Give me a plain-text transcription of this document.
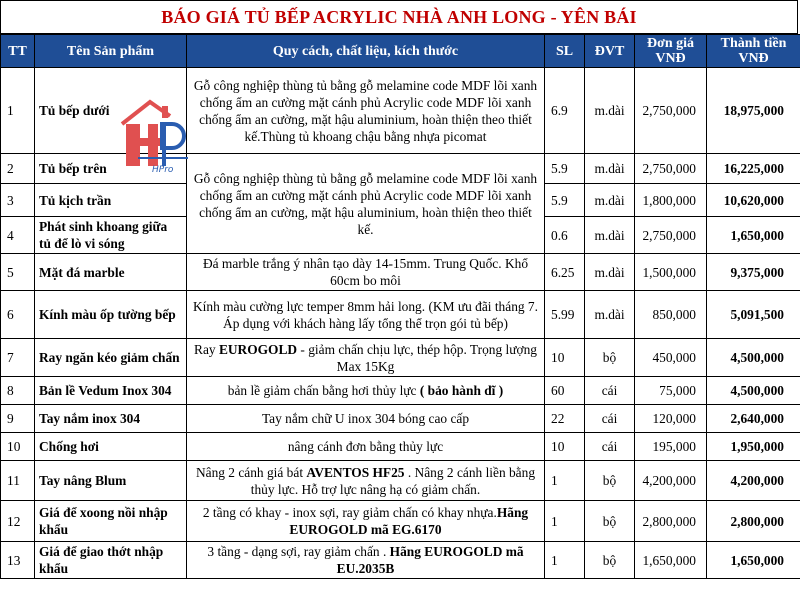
BÁO GIÁ TỦ BẾP ACRYLIC NHÀ ANH LONG - YÊN BÁI
TT	Tên Sản phẩm	Quy cách, chất liệu, kích thước	SL	ĐVT	Đơn giá VNĐ	Thành tiền VNĐ
1	Tủ bếp dưới	Gỗ công nghiệp thùng tủ bằng gỗ melamine code MDF lõi xanh chống ẩm an cường mặt cánh phủ Acrylic code MDF lõi xanh chống ẩm an cường, mặt hậu aluminium, hoàn thiện theo thiết kế.Thùng tủ khoang chậu bằng nhựa picomat	6.9	m.dài	2,750,000	18,975,000
2	Tủ bếp trên	Gỗ công nghiệp thùng tủ bằng gỗ melamine code MDF lõi xanh chống ẩm an cường mặt cánh phủ Acrylic code MDF lõi xanh chống ẩm an cường, mặt hậu aluminium, hoàn thiện theo thiết kế.	5.9	m.dài	2,750,000	16,225,000
3	Tủ kịch trần		5.9	m.dài	1,800,000	10,620,000
4	Phát sinh khoang giữa tủ để lò vi sóng		0.6	m.dài	2,750,000	1,650,000
5	Mặt đá marble	Đá marble trắng ý nhân tạo dày 14-15mm. Trung Quốc. Khổ 60cm bo môi	6.25	m.dài	1,500,000	9,375,000
6	Kính màu ốp tường bếp	Kính màu cường lực temper 8mm hải long. (KM ưu đãi tháng 7. Áp dụng với khách hàng lấy tổng thể trọn gói tủ bếp)	5.99	m.dài	850,000	5,091,500
7	Ray ngăn kéo giảm chấn	Ray EUROGOLD - giảm chấn chịu lực, thép hộp. Trọng lượng Max 15Kg	10	bộ	450,000	4,500,000
8	Bản lề Vedum Inox 304	bản lề giảm chấn bằng hơi thủy lực ( bảo hành dĩ )	60	cái	75,000	4,500,000
9	Tay nắm inox 304	Tay nắm chữ U inox 304 bóng cao cấp	22	cái	120,000	2,640,000
10	Chống hơi	nâng cánh đơn bằng thủy lực	10	cái	195,000	1,950,000
11	Tay nâng Blum	Nâng 2 cánh giá bát AVENTOS HF25 . Nâng 2 cánh liền bằng thủy lực. Hỗ trợ lực nâng hạ có giảm chấn.	1	bộ	4,200,000	4,200,000
12	Giá để xoong nồi nhập khẩu	2 tầng có khay - inox sợi, ray giảm chấn có khay nhựa.Hãng EUROGOLD mã EG.6170	1	bộ	2,800,000	2,800,000
13	Giá để giao thớt nhập khẩu	3 tầng - dạng sợi, ray giảm chấn . Hãng EUROGOLD mã EU.2035B	1	bộ	1,650,000	1,650,000
HPro
